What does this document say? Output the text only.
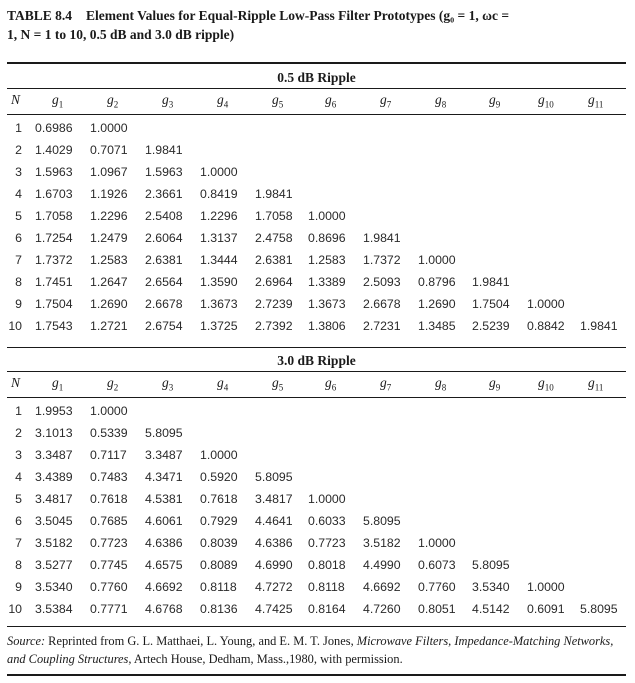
TABLE 8.4 Element Values for Equal-Ripple Low-Pass Filter Prototypes (g₀ = 1, ωc =
1, N = 1 to 10, 0.5 dB and 3.0 dB ripple)
0.5 dB Ripple
N $g_1$	$g_2$	$g_3$	$g_4$	$g_5$	$g_6$	$g_7$	$g_8$	$g_9$	$g_{10}$	$g_{11}$
1 0.6986 1.0000
2 1.4029 0.7071 1.9841
3 1.5963 1.0967 1.5963 1.0000
4 1.6703 1.1926 2.3661 0.8419 1.9841
5 1.7058 1.2296 2.5408 1.2296 1.7058 1.0000
6 1.7254 1.2479 2.6064 1.3137 2.4758 0.8696 1.9841
7 1.7372 1.2583 2.6381 1.3444 2.6381 1.2583 1.7372 1.0000
8 1.7451 1.2647 2.6564 1.3590 2.6964 1.3389 2.5093 0.8796 1.9841
9 1.7504 1.2690 2.6678 1.3673 2.7239 1.3673 2.6678 1.2690 1.7504 1.0000
10 1.7543 1.2721 2.6754 1.3725 2.7392 1.3806 2.7231 1.3485 2.5239 0.8842 1.9841
3.0 dB Ripple
N $g_1$	$g_2$	$g_3$	$g_4$	$g_5$	$g_6$	$g_7$	$g_8$	$g_9$	$g_{10}$	$g_{11}$
1 1.9953 1.0000
2 3.1013 0.5339 5.8095
3 3.3487 0.7117 3.3487 1.0000
4 3.4389 0.7483 4.3471 0.5920 5.8095
5 3.4817 0.7618 4.5381 0.7618 3.4817 1.0000
6 3.5045 0.7685 4.6061 0.7929 4.4641 0.6033 5.8095
7 3.5182 0.7723 4.6386 0.8039 4.6386 0.7723 3.5182 1.0000
8 3.5277 0.7745 4.6575 0.8089 4.6990 0.8018 4.4990 0.6073 5.8095
9 3.5340 0.7760 4.6692 0.8118 4.7272 0.8118 4.6692 0.7760 3.5340 1.0000
10 3.5384 0.7771 4.6768 0.8136 4.7425 0.8164 4.7260 0.8051 4.5142 0.6091 5.8095
Source: Reprinted from G. L. Matthaei, L. Young, and E. M. T. Jones, Microwave Filters, Impedance-Matching Networks, and Coupling Structures, Artech House, Dedham, Mass.,1980, with permission.
